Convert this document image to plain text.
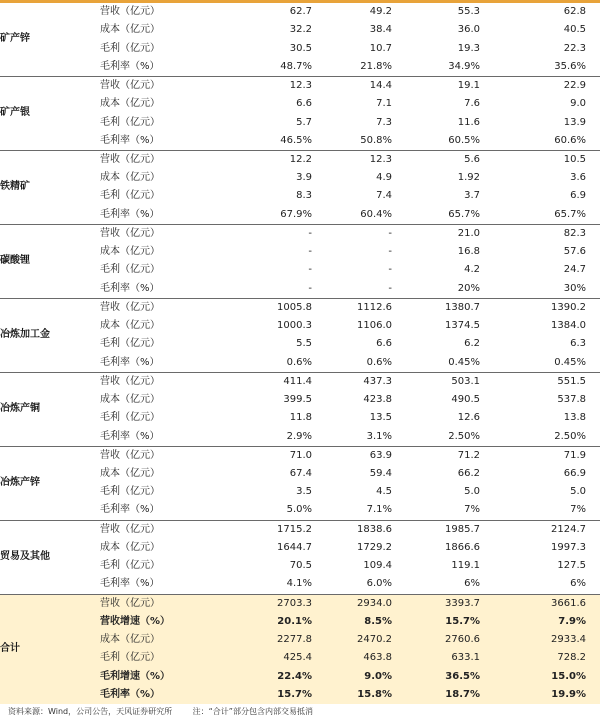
矿产锌	营收（亿元）		62.7	49.2	55.3	62.8	
	成本（亿元）		32.2	38.4	36.0	40.5	
	毛利（亿元）		30.5	10.7	19.3	22.3	
	毛利率（%）		48.7%	21.8%	34.9%	35.6%	
矿产银	营收（亿元）		12.3	14.4	19.1	22.9	
	成本（亿元）		6.6	7.1	7.6	9.0	
	毛利（亿元）		5.7	7.3	11.6	13.9	
	毛利率（%）		46.5%	50.8%	60.5%	60.6%	
铁精矿	营收（亿元）		12.2	12.3	5.6	10.5	
	成本（亿元）		3.9	4.9	1.92	3.6	
	毛利（亿元）		8.3	7.4	3.7	6.9	
	毛利率（%）		67.9%	60.4%	65.7%	65.7%	
碳酸锂	营收（亿元）		-	-	21.0	82.3	
	成本（亿元）		-	-	16.8	57.6	
	毛利（亿元）		-	-	4.2	24.7	
	毛利率（%）		-	-	20%	30%	
冶炼加工金	营收（亿元）		1005.8	1112.6	1380.7	1390.2	
	成本（亿元）		1000.3	1106.0	1374.5	1384.0	
	毛利（亿元）		5.5	6.6	6.2	6.3	
	毛利率（%）		0.6%	0.6%	0.45%	0.45%	
冶炼产铜	营收（亿元）		411.4	437.3	503.1	551.5	
	成本（亿元）		399.5	423.8	490.5	537.8	
	毛利（亿元）		11.8	13.5	12.6	13.8	
	毛利率（%）		2.9%	3.1%	2.50%	2.50%	
冶炼产锌	营收（亿元）		71.0	63.9	71.2	71.9	
	成本（亿元）		67.4	59.4	66.2	66.9	
	毛利（亿元）		3.5	4.5	5.0	5.0	
	毛利率（%）		5.0%	7.1%	7%	7%	
贸易及其他	营收（亿元）		1715.2	1838.6	1985.7	2124.7	
	成本（亿元）		1644.7	1729.2	1866.6	1997.3	
	毛利（亿元）		70.5	109.4	119.1	127.5	
	毛利率（%）		4.1%	6.0%	6%	6%	
合计	营收（亿元）		2703.3	2934.0	3393.7	3661.6	
	营收增速（%）		20.1%	8.5%	15.7%	7.9%	
	成本（亿元）		2277.8	2470.2	2760.6	2933.4	
	毛利（亿元）		425.4	463.8	633.1	728.2	
	毛利增速（%）		22.4%	9.0%	36.5%	15.0%	
	毛利率（%）		15.7%	15.8%	18.7%	19.9%	
资料来源：Wind，公司公告，天风证券研究所	注：“合计”部分包含内部交易抵消
